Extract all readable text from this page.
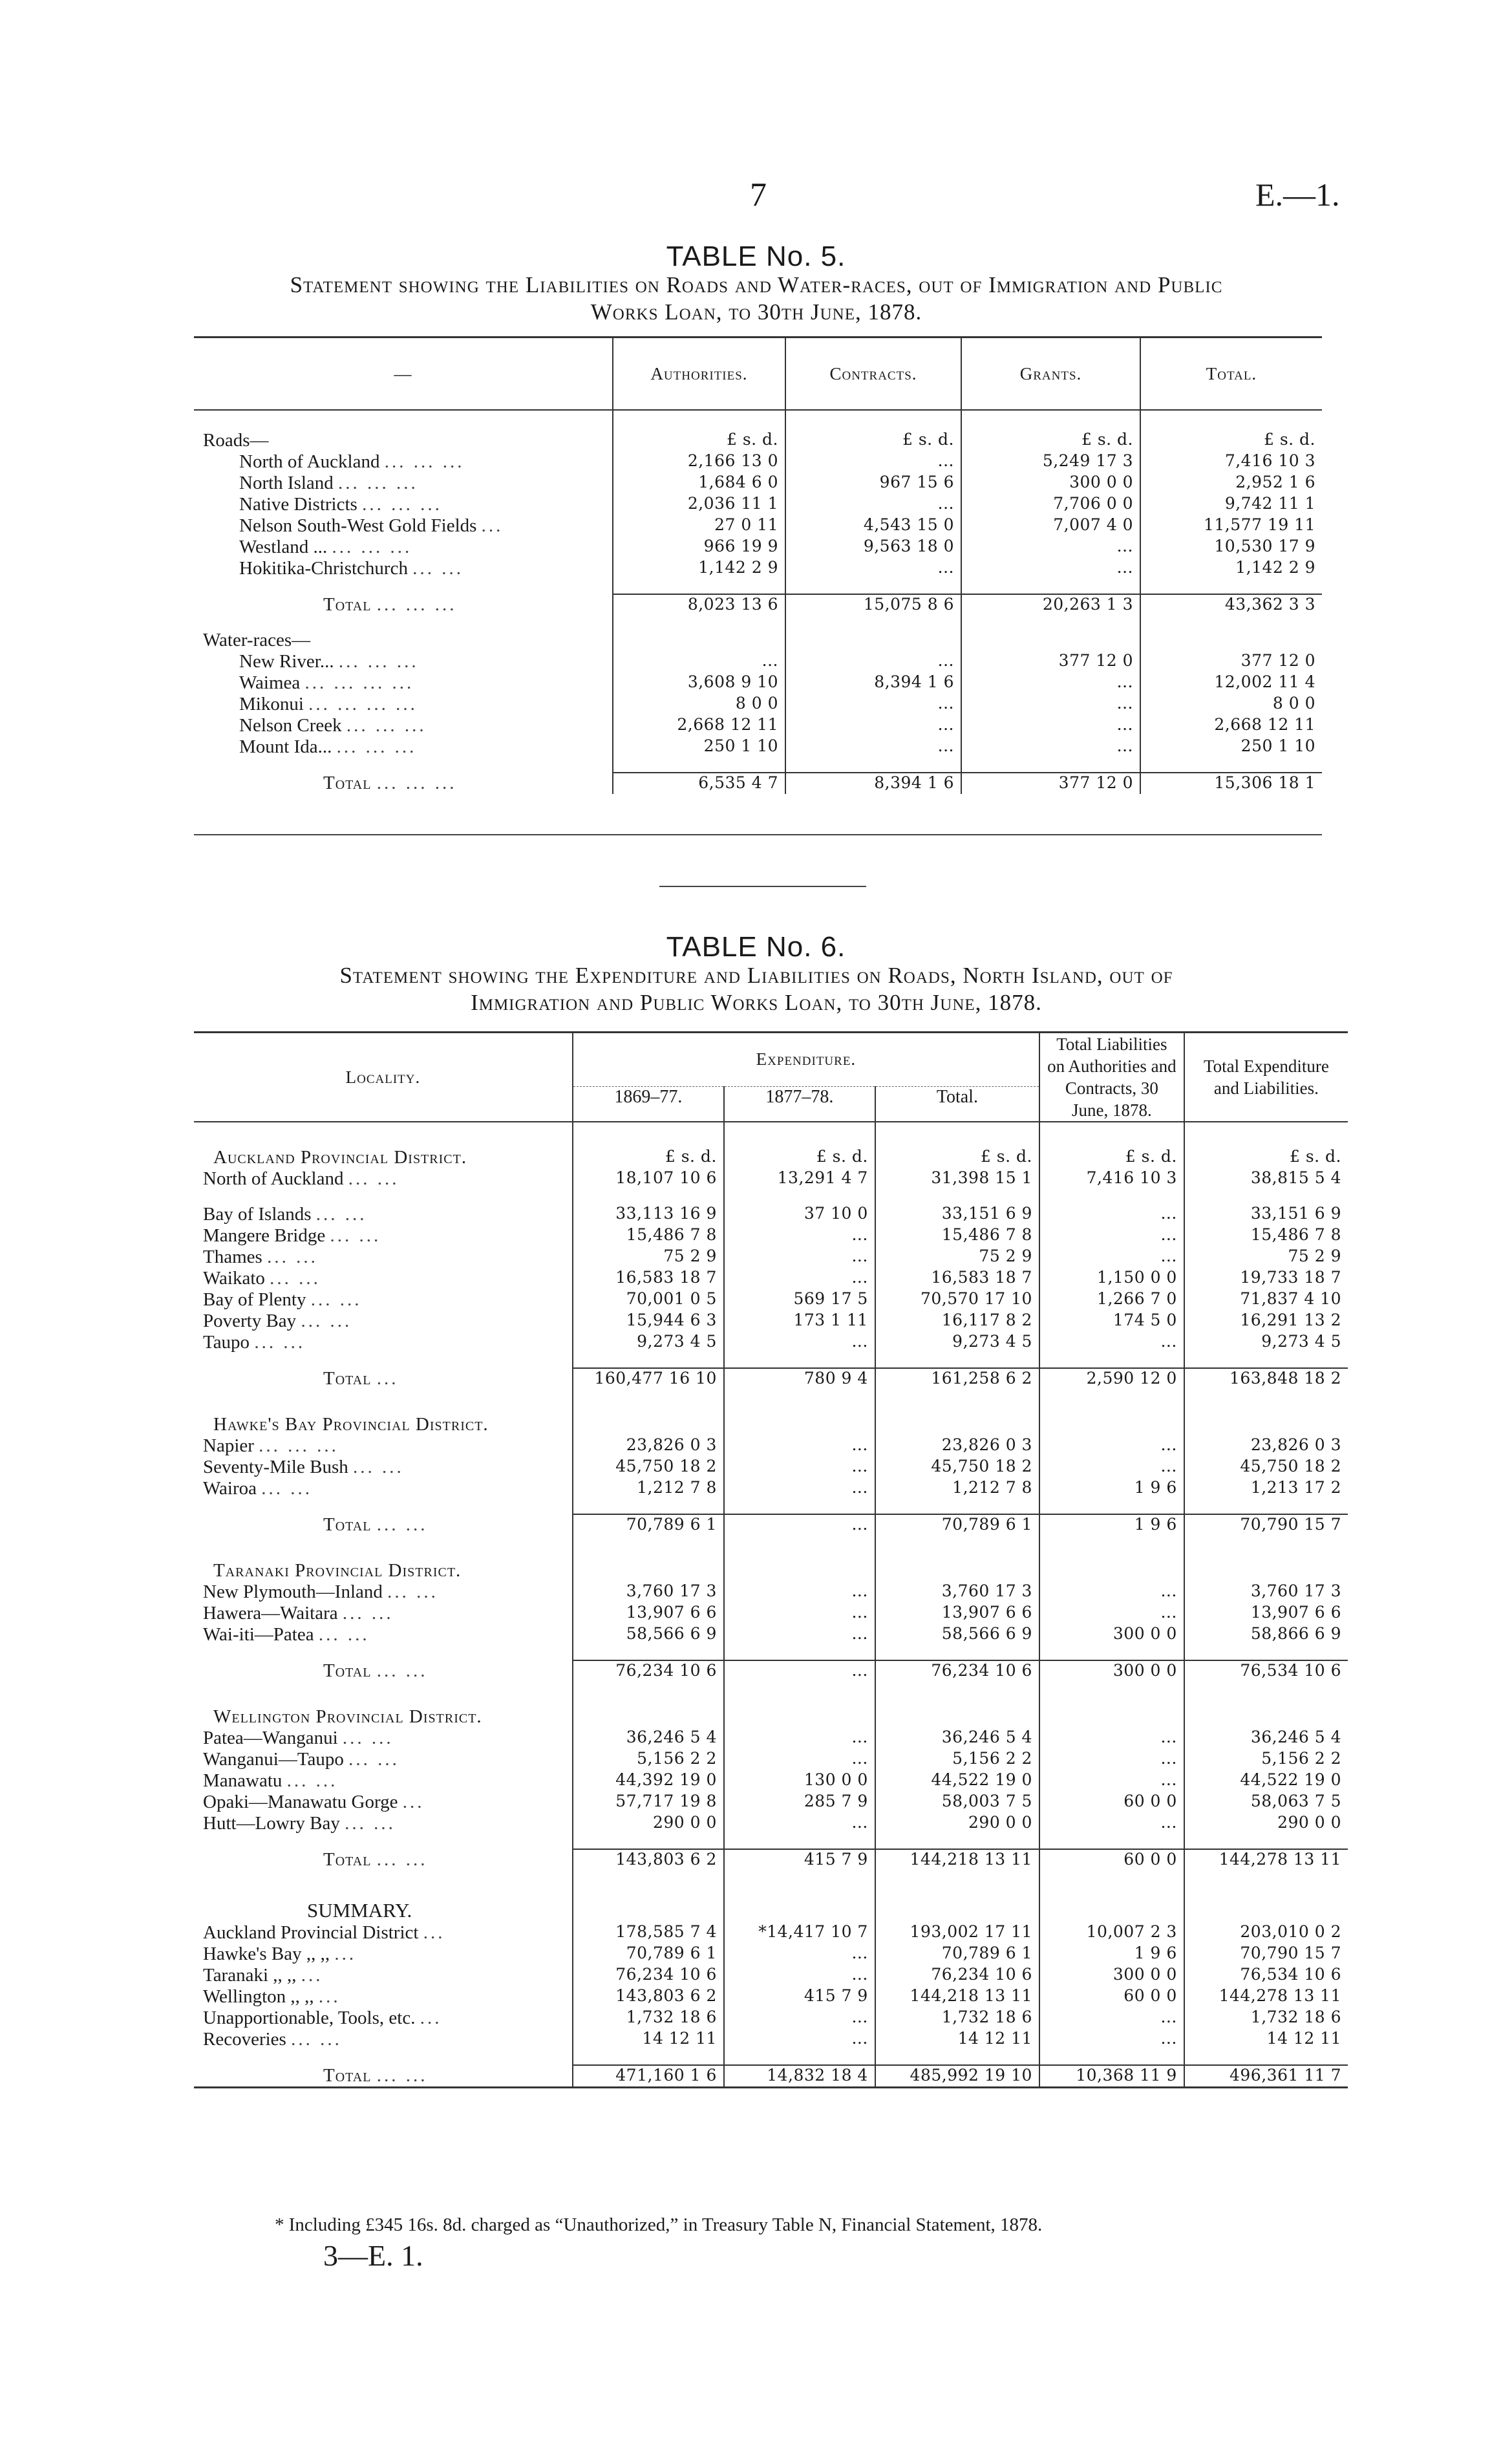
7	E.—1.
TABLE No. 5.
Statement showing the Liabilities on Roads and Water-races, out of Immigration and Public
Works Loan, to 30th June, 1878.
—	Authorities.	Contracts.	Grants.	Total.
Roads—	£ s. d.	£ s. d.	£ s. d.	£ s. d.
North of Auckland ... ... ...	2,166 13 0	...	5,249 17 3	7,416 10 3
North Island ... ... ...	1,684 6 0	967 15 6	300 0 0	2,952 1 6
Native Districts ... ... ...	2,036 11 1	...	7,706 0 0	9,742 11 1
Nelson South-West Gold Fields ...	27 0 11	4,543 15 0	7,007 4 0	11,577 19 11
Westland ... ... ... ...	966 19 9	9,563 18 0	...	10,530 17 9
Hokitika-Christchurch ... ...	1,142 2 9	...	...	1,142 2 9

Total ... ... ...	8,023 13 6	15,075 8 6	20,263 1 3	43,362 3 3

Water-races—				
New River... ... ... ...	...	...	377 12 0	377 12 0
Waimea ... ... ... ...	3,608 9 10	8,394 1 6	...	12,002 11 4
Mikonui ... ... ... ...	8 0 0	...	...	8 0 0
Nelson Creek ... ... ...	2,668 12 11	...	...	2,668 12 11
Mount Ida... ... ... ...	250 1 10	...	...	250 1 10

Total ... ... ...	6,535 4 7	8,394 1 6	377 12 0	15,306 18 1
TABLE No. 6.
Statement showing the Expenditure and Liabilities on Roads, North Island, out of
Immigration and Public Works Loan, to 30th June, 1878.
Locality.	Expenditure.			Total Liabilities on Authorities and Contracts, 30 June, 1878.	Total Expenditure and Liabilities.
	1869–77.	1877–78.	Total.		

Auckland Provincial District.	£ s. d.	£ s. d.	£ s. d.	£ s. d.	£ s. d.
North of Auckland ... ...	18,107 10 6	13,291 4 7	31,398 15 1	7,416 10 3	38,815 5 4

Bay of Islands ... ...	33,113 16 9	37 10 0	33,151 6 9	...	33,151 6 9
Mangere Bridge ... ...	15,486 7 8	...	15,486 7 8	...	15,486 7 8
Thames ... ...	75 2 9	...	75 2 9	...	75 2 9
Waikato ... ...	16,583 18 7	...	16,583 18 7	1,150 0 0	19,733 18 7
Bay of Plenty ... ...	70,001 0 5	569 17 5	70,570 17 10	1,266 7 0	71,837 4 10
Poverty Bay ... ...	15,944 6 3	173 1 11	16,117 8 2	174 5 0	16,291 13 2
Taupo ... ...	9,273 4 5	...	9,273 4 5	...	9,273 4 5

Total ...	160,477 16 10	780 9 4	161,258 6 2	2,590 12 0	163,848 18 2

Hawke's Bay Provincial District.					
Napier ... ... ...	23,826 0 3	...	23,826 0 3	...	23,826 0 3
Seventy-Mile Bush ... ...	45,750 18 2	...	45,750 18 2	...	45,750 18 2
Wairoa ... ...	1,212 7 8	...	1,212 7 8	1 9 6	1,213 17 2

Total ... ...	70,789 6 1	...	70,789 6 1	1 9 6	70,790 15 7

Taranaki Provincial District.					
New Plymouth—Inland ... ...	3,760 17 3	...	3,760 17 3	...	3,760 17 3
Hawera—Waitara ... ...	13,907 6 6	...	13,907 6 6	...	13,907 6 6
Wai-iti—Patea ... ...	58,566 6 9	...	58,566 6 9	300 0 0	58,866 6 9

Total ... ...	76,234 10 6	...	76,234 10 6	300 0 0	76,534 10 6

Wellington Provincial District.					
Patea—Wanganui ... ...	36,246 5 4	...	36,246 5 4	...	36,246 5 4
Wanganui—Taupo ... ...	5,156 2 2	...	5,156 2 2	...	5,156 2 2
Manawatu ... ...	44,392 19 0	130 0 0	44,522 19 0	...	44,522 19 0
Opaki—Manawatu Gorge ...	57,717 19 8	285 7 9	58,003 7 5	60 0 0	58,063 7 5
Hutt—Lowry Bay ... ...	290 0 0	...	290 0 0	...	290 0 0

Total ... ...	143,803 6 2	415 7 9	144,218 13 11	60 0 0	144,278 13 11

SUMMARY.					
Auckland Provincial District ...	178,585 7 4	*14,417 10 7	193,002 17 11	10,007 2 3	203,010 0 2
Hawke's Bay ,, ,, ...	70,789 6 1	...	70,789 6 1	1 9 6	70,790 15 7
Taranaki ,, ,, ...	76,234 10 6	...	76,234 10 6	300 0 0	76,534 10 6
Wellington ,, ,, ...	143,803 6 2	415 7 9	144,218 13 11	60 0 0	144,278 13 11
Unapportionable, Tools, etc. ...	1,732 18 6	...	1,732 18 6	...	1,732 18 6
Recoveries ... ...	14 12 11	...	14 12 11	...	14 12 11

Total ... ...	471,160 1 6	14,832 18 4	485,992 19 10	10,368 11 9	496,361 11 7
* Including £345 16s. 8d. charged as “Unauthorized,” in Treasury Table N, Financial Statement, 1878.
3—E. 1.
